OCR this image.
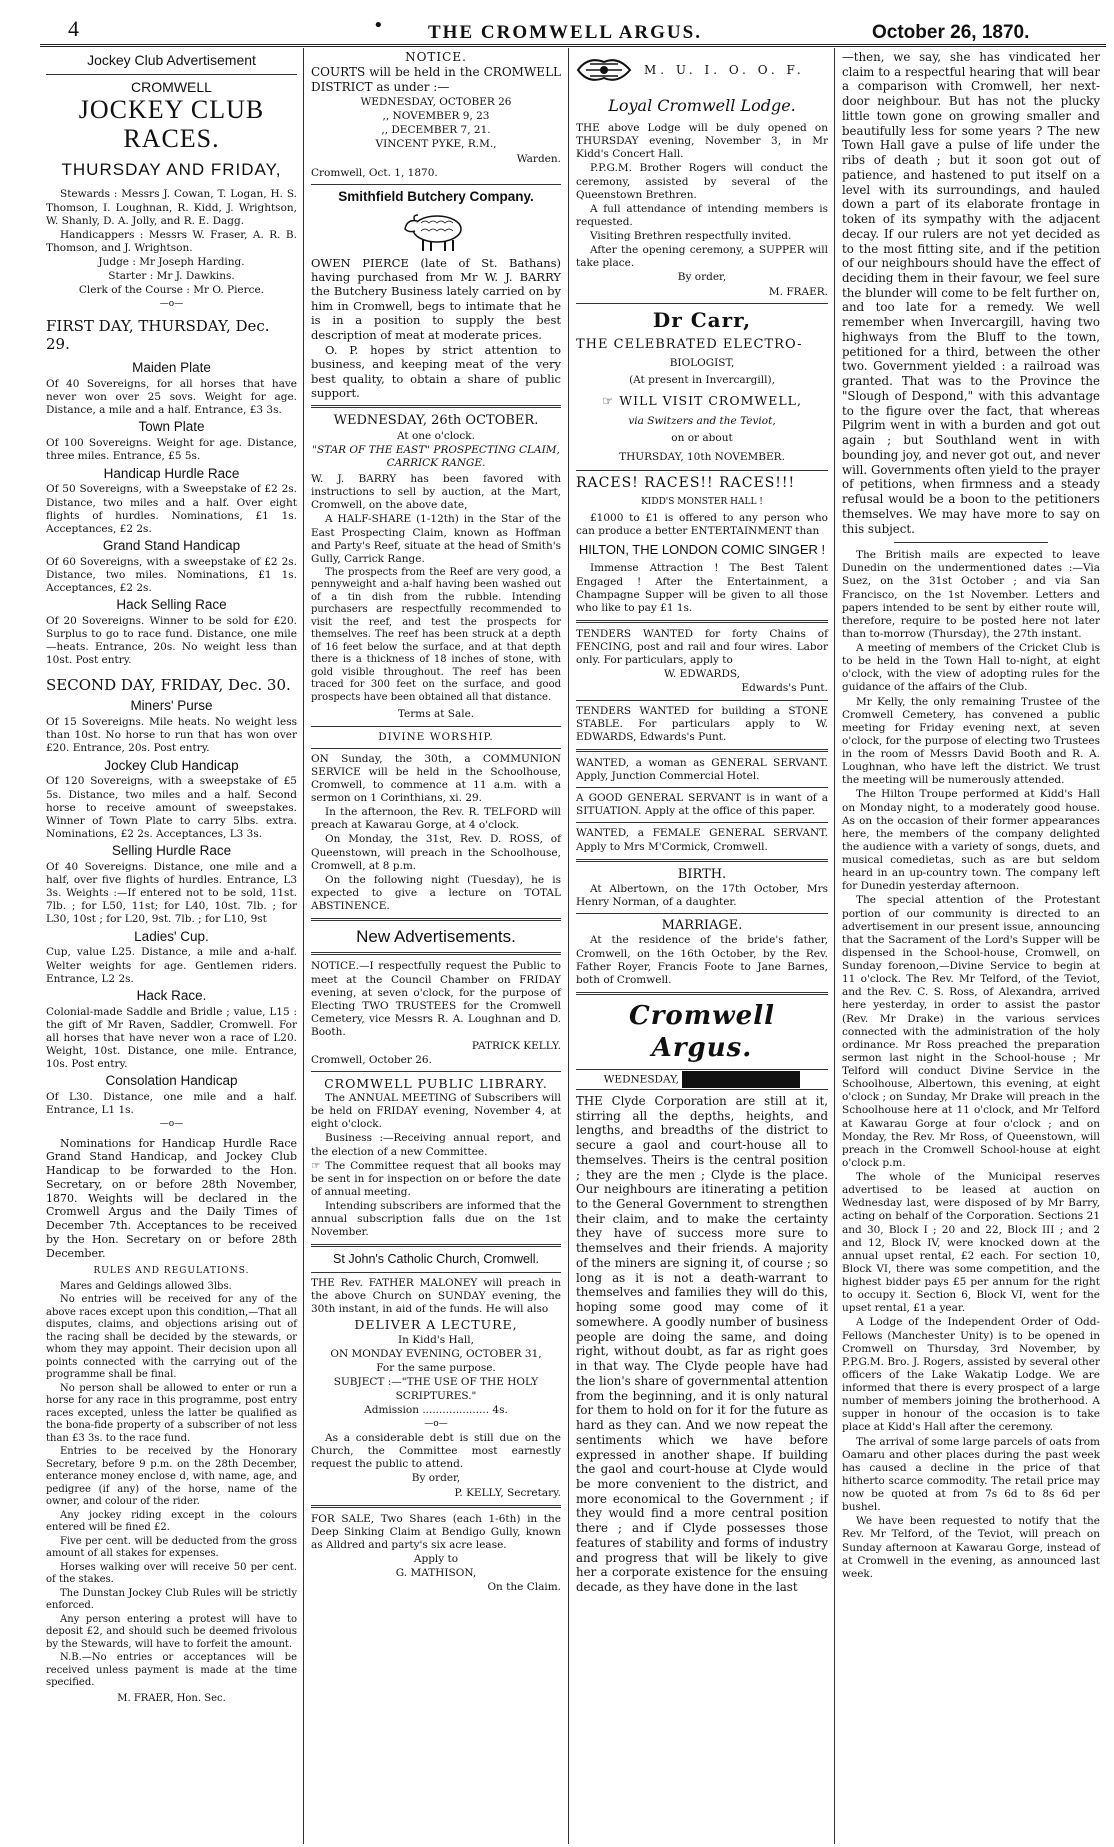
4	• THE CROMWELL ARGUS.	October 26, 1870.
Jockey Club Advertisement
CROMWELL
JOCKEY CLUB RACES.
THURSDAY AND FRIDAY,

Stewards : Messrs J. Cowan, T. Logan, H. S. Thomson, I. Loughnan, R. Kidd, J. Wrightson, W. Shanly, D. A. Jolly, and R. E. Dagg.

Handicappers : Messrs W. Fraser, A. R. B. Thomson, and J. Wrightson.

Judge : Mr Joseph Harding.

Starter : Mr J. Dawkins.

Clerk of the Course : Mr O. Pierce.

—o—
FIRST DAY, THURSDAY, Dec. 29.
Maiden Plate

Of 40 Sovereigns, for all horses that have never won over 25 sovs. Weight for age. Distance, a mile and a half. Entrance, £3 3s.

Town Plate

Of 100 Sovereigns. Weight for age. Distance, three miles. Entrance, £5 5s.

Handicap Hurdle Race

Of 50 Sovereigns, with a Sweepstake of £2 2s. Distance, two miles and a half. Over eight flights of hurdles. Nominations, £1 1s. Acceptances, £2 2s.

Grand Stand Handicap

Of 60 Sovereigns, with a sweepstake of £2 2s. Distance, two miles. Nominations, £1 1s. Acceptances, £2 2s.

Hack Selling Race

Of 20 Sovereigns. Winner to be sold for £20. Surplus to go to race fund. Distance, one mile—heats. Entrance, 20s. No weight less than 10st. Post entry.

SECOND DAY, FRIDAY, Dec. 30.
Miners' Purse

Of 15 Sovereigns. Mile heats. No weight less than 10st. No horse to run that has won over £20. Entrance, 20s. Post entry.

Jockey Club Handicap

Of 120 Sovereigns, with a sweepstake of £5 5s. Distance, two miles and a half. Second horse to receive amount of sweepstakes. Winner of Town Plate to carry 5lbs. extra. Nominations, £2 2s. Acceptances, L3 3s.

Selling Hurdle Race

Of 40 Sovereigns. Distance, one mile and a half, over five flights of hurdles. Entrance, L3 3s. Weights :—If entered not to be sold, 11st. 7lb. ; for L50, 11st; for L40, 10st. 7lb. ; for L30, 10st ; for L20, 9st. 7lb. ; for L10, 9st

Ladies' Cup.

Cup, value L25. Distance, a mile and a-half. Welter weights for age. Gentlemen riders. Entrance, L2 2s.

Hack Race.

Colonial-made Saddle and Bridle ; value, L15 : the gift of Mr Raven, Saddler, Cromwell. For all horses that have never won a race of L20. Weight, 10st. Distance, one mile. Entrance, 10s. Post entry.

Consolation Handicap

Of L30. Distance, one mile and a half. Entrance, L1 1s.

—o—

Nominations for Handicap Hurdle Race Grand Stand Handicap, and Jockey Club Handicap to be forwarded to the Hon. Secretary, on or before 28th November, 1870. Weights will be declared in the Cromwell Argus and the Daily Times of December 7th. Acceptances to be received by the Hon. Secretary on or before 28th December.

RULES AND REGULATIONS.

Mares and Geldings allowed 3lbs.

No entries will be received for any of the above races except upon this condition,—That all disputes, claims, and objections arising out of the racing shall be decided by the stewards, or whom they may appoint. Their decision upon all points connected with the carrying out of the programme shall be final.

No person shall be allowed to enter or run a horse for any race in this programme, post entry races excepted, unless the latter be qualified as the bona-fide property of a subscriber of not less than £3 3s. to the race fund.

Entries to be received by the Honorary Secretary, before 9 p.m. on the 28th December, enterance money enclose d, with name, age, and pedigree (if any) of the horse, name of the owner, and colour of the rider.

Any jockey riding except in the colours entered will be fined £2.

Five per cent. will be deducted from the gross amount of all stakes for expenses.

Horses walking over will receive 50 per cent. of the stakes.

The Dunstan Jockey Club Rules will be strictly enforced.

Any person entering a protest will have to deposit £2, and should such be deemed frivolous by the Stewards, will have to forfeit the amount.

N.B.—No entries or acceptances will be received unless payment is made at the time specified.

M. FRAER, Hon. Sec.

NOTICE.

COURTS will be held in the CROMWELL DISTRICT as under :—

WEDNESDAY, OCTOBER 26

,, NOVEMBER 9, 23

,, DECEMBER 7, 21.

VINCENT PYKE, R.M.,

Warden.

Cromwell, Oct. 1, 1870.

Smithfield Butchery Company.

OWEN PIERCE (late of St. Bathans) having purchased from Mr W. J. BARRY the Butchery Business lately carried on by him in Cromwell, begs to intimate that he is in a position to supply the best description of meat at moderate prices.

O. P. hopes by strict attention to business, and keeping meat of the very best quality, to obtain a share of public support.

WEDNESDAY, 26th OCTOBER.

At one o'clock.

"STAR OF THE EAST" PROSPECTING CLAIM, CARRICK RANGE.

W. J. BARRY has been favored with instructions to sell by auction, at the Mart, Cromwell, on the above date,

A HALF-SHARE (1-12th) in the Star of the East Prospecting Claim, known as Hoffman and Party's Reef, situate at the head of Smith's Gully, Carrick Range.

The prospects from the Reef are very good, a pennyweight and a-half having been washed out of a tin dish from the rubble. Intending purchasers are respectfully recommended to visit the reef, and test the prospects for themselves. The reef has been struck at a depth of 16 feet below the surface, and at that depth there is a thickness of 18 inches of stone, with gold visible throughout. The reef has been traced for 300 feet on the surface, and good prospects have been obtained all that distance.

Terms at Sale.

DIVINE WORSHIP.

ON Sunday, the 30th, a COMMUNION SERVICE will be held in the Schoolhouse, Cromwell, to commence at 11 a.m. with a sermon on 1 Corinthians, xi. 29.

In the afternoon, the Rev. R. TELFORD will preach at Kawarau Gorge, at 4 o'clock.

On Monday, the 31st, Rev. D. ROSS, of Queenstown, will preach in the Schoolhouse, Cromwell, at 8 p.m.

On the following night (Tuesday), he is expected to give a lecture on TOTAL ABSTINENCE.

New Advertisements.

NOTICE.—I respectfully request the Public to meet at the Council Chamber on FRIDAY evening, at seven o'clock, for the purpose of Electing TWO TRUSTEES for the Cromwell Cemetery, vice Messrs R. A. Loughnan and D. Booth.

PATRICK KELLY.

Cromwell, October 26.

CROMWELL PUBLIC LIBRARY.

The ANNUAL MEETING of Subscribers will be held on FRIDAY evening, November 4, at eight o'clock.

Business :—Receiving annual report, and the election of a new Committee.

☞ The Committee request that all books may be sent in for inspection on or before the date of annual meeting.

Intending subscribers are informed that the annual subscription falls due on the 1st November.

St John's Catholic Church, Cromwell.

THE Rev. FATHER MALONEY will preach in the above Church on SUNDAY evening, the 30th instant, in aid of the funds. He will also

DELIVER A LECTURE,

In Kidd's Hall,

ON MONDAY EVENING, OCTOBER 31,

For the same purpose.

SUBJECT :—"THE USE OF THE HOLY SCRIPTURES."

Admission .................... 4s.

—o—

As a considerable debt is still due on the Church, the Committee most earnestly request the public to attend.

By order,

P. KELLY, Secretary.

FOR SALE, Two Shares (each 1-6th) in the Deep Sinking Claim at Bendigo Gully, known as Alldred and party's six acre lease.

Apply to

G. MATHISON,

On the Claim.

M. U. I. O. O. F.
Loyal Cromwell Lodge.

THE above Lodge will be duly opened on THURSDAY evening, November 3, in Mr Kidd's Concert Hall.

P.P.G.M. Brother Rogers will conduct the ceremony, assisted by several of the Queenstown Brethren.

A full attendance of intending members is requested.

Visiting Brethren respectfully invited.

After the opening ceremony, a SUPPER will take place.

By order,

M. FRAER.

Dr Carr,

THE CELEBRATED ELECTRO-

BIOLOGIST,

(At present in Invercargill),

☞ WILL VISIT CROMWELL,

via Switzers and the Teviot,

on or about

THURSDAY, 10th NOVEMBER.

RACES! RACES!! RACES!!!

KIDD'S MONSTER HALL !

£1000 to £1 is offered to any person who can produce a better ENTERTAINMENT than

HILTON, THE LONDON COMIC SINGER !

Immense Attraction ! The Best Talent Engaged ! After the Entertainment, a Champagne Supper will be given to all those who like to pay £1 1s.

TENDERS WANTED for forty Chains of FENCING, post and rail and four wires. Labor only. For particulars, apply to

W. EDWARDS,

Edwards's Punt.

TENDERS WANTED for building a STONE STABLE. For particulars apply to W. EDWARDS, Edwards's Punt.

WANTED, a woman as GENERAL SERVANT. Apply, Junction Commercial Hotel.

A GOOD GENERAL SERVANT is in want of a SITUATION. Apply at the office of this paper.

WANTED, a FEMALE GENERAL SERVANT. Apply to Mrs M'Cormick, Cromwell.

BIRTH.

At Albertown, on the 17th October, Mrs Henry Norman, of a daughter.

MARRIAGE.

At the residence of the bride's father, Cromwell, on the 16th October, by the Rev. Father Royer, Francis Foote to Jane Barnes, both of Cromwell.

Cromwell Argus.
WEDNESDAY,

THE Clyde Corporation are still at it, stirring all the depths, heights, and lengths, and breadths of the district to secure a gaol and court-house all to themselves. Theirs is the central position ; they are the men ; Clyde is the place. Our neighbours are itinerating a petition to the General Government to strengthen their claim, and to make the certainty they have of success more sure to themselves and their friends. A majority of the miners are signing it, of course ; so long as it is not a death-warrant to themselves and families they will do this, hoping some good may come of it somewhere. A goodly number of business people are doing the same, and doing right, without doubt, as far as right goes in that way. The Clyde people have had the lion's share of governmental attention from the beginning, and it is only natural for them to hold on for it for the future as hard as they can. And we now repeat the sentiments which we have before expressed in another shape. If building the gaol and court-house at Clyde would be more convenient to the district, and more economical to the Government ; if they would find a more central position there ; and if Clyde possesses those features of stability and forms of industry and progress that will be likely to give her a corporate existence for the ensuing decade, as they have done in the last

—then, we say, she has vindicated her claim to a respectful hearing that will bear a comparison with Cromwell, her next-door neighbour. But has not the plucky little town gone on growing smaller and beautifully less for some years ? The new Town Hall gave a pulse of life under the ribs of death ; but it soon got out of patience, and hastened to put itself on a level with its surroundings, and hauled down a part of its elaborate frontage in token of its sympathy with the adjacent decay. If our rulers are not yet decided as to the most fitting site, and if the petition of our neighbours should have the effect of deciding them in their favour, we feel sure the blunder will come to be felt further on, and too late for a remedy. We well remember when Invercargill, having two highways from the Bluff to the town, petitioned for a third, between the other two. Government yielded : a railroad was granted. That was to the Province the "Slough of Despond," with this advantage to the figure over the fact, that whereas Pilgrim went in with a burden and got out again ; but Southland went in with bounding joy, and never got out, and never will. Governments often yield to the prayer of petitions, when firmness and a steady refusal would be a boon to the petitioners themselves. We may have more to say on this subject.

The British mails are expected to leave Dunedin on the undermentioned dates :—Via Suez, on the 31st October ; and via San Francisco, on the 1st November. Letters and papers intended to be sent by either route will, therefore, require to be posted here not later than to-morrow (Thursday), the 27th instant.

A meeting of members of the Cricket Club is to be held in the Town Hall to-night, at eight o'clock, with the view of adopting rules for the guidance of the affairs of the Club.

Mr Kelly, the only remaining Trustee of the Cromwell Cemetery, has convened a public meeting for Friday evening next, at seven o'clock, for the purpose of electing two Trustees in the room of Messrs David Booth and R. A. Loughnan, who have left the district. We trust the meeting will be numerously attended.

The Hilton Troupe performed at Kidd's Hall on Monday night, to a moderately good house. As on the occasion of their former appearances here, the members of the company delighted the audience with a variety of songs, duets, and musical comedietas, such as are but seldom heard in an up-country town. The company left for Dunedin yesterday afternoon.

The special attention of the Protestant portion of our community is directed to an advertisement in our present issue, announcing that the Sacrament of the Lord's Supper will be dispensed in the School-house, Cromwell, on Sunday forenoon,—Divine Service to begin at 11 o'clock. The Rev. Mr Telford, of the Teviot, and the Rev. C. S. Ross, of Alexandra, arrived here yesterday, in order to assist the pastor (Rev. Mr Drake) in the various services connected with the administration of the holy ordinance. Mr Ross preached the preparation sermon last night in the School-house ; Mr Telford will conduct Divine Service in the Schoolhouse, Albertown, this evening, at eight o'clock ; on Sunday, Mr Drake will preach in the Schoolhouse here at 11 o'clock, and Mr Telford at Kawarau Gorge at four o'clock ; and on Monday, the Rev. Mr Ross, of Queenstown, will preach in the Cromwell School-house at eight o'clock p.m.

The whole of the Municipal reserves advertised to be leased at auction on Wednesday last, were disposed of by Mr Barry, acting on behalf of the Corporation. Sections 21 and 30, Block I ; 20 and 22, Block III ; and 2 and 12, Block IV, were knocked down at the annual upset rental, £2 each. For section 10, Block VI, there was some competition, and the highest bidder pays £5 per annum for the right to occupy it. Section 6, Block VI, went for the upset rental, £1 a year.

A Lodge of the Independent Order of Odd-Fellows (Manchester Unity) is to be opened in Cromwell on Thursday, 3rd November, by P.P.G.M. Bro. J. Rogers, assisted by several other officers of the Lake Wakatip Lodge. We are informed that there is every prospect of a large number of members joining the brotherhood. A supper in honour of the occasion is to take place at Kidd's Hall after the ceremony.

The arrival of some large parcels of oats from Oamaru and other places during the past week has caused a decline in the price of that hitherto scarce commodity. The retail price may now be quoted at from 7s 6d to 8s 6d per bushel.

We have been requested to notify that the Rev. Mr Telford, of the Teviot, will preach on Sunday afternoon at Kawarau Gorge, instead of at Cromwell in the evening, as announced last week.
